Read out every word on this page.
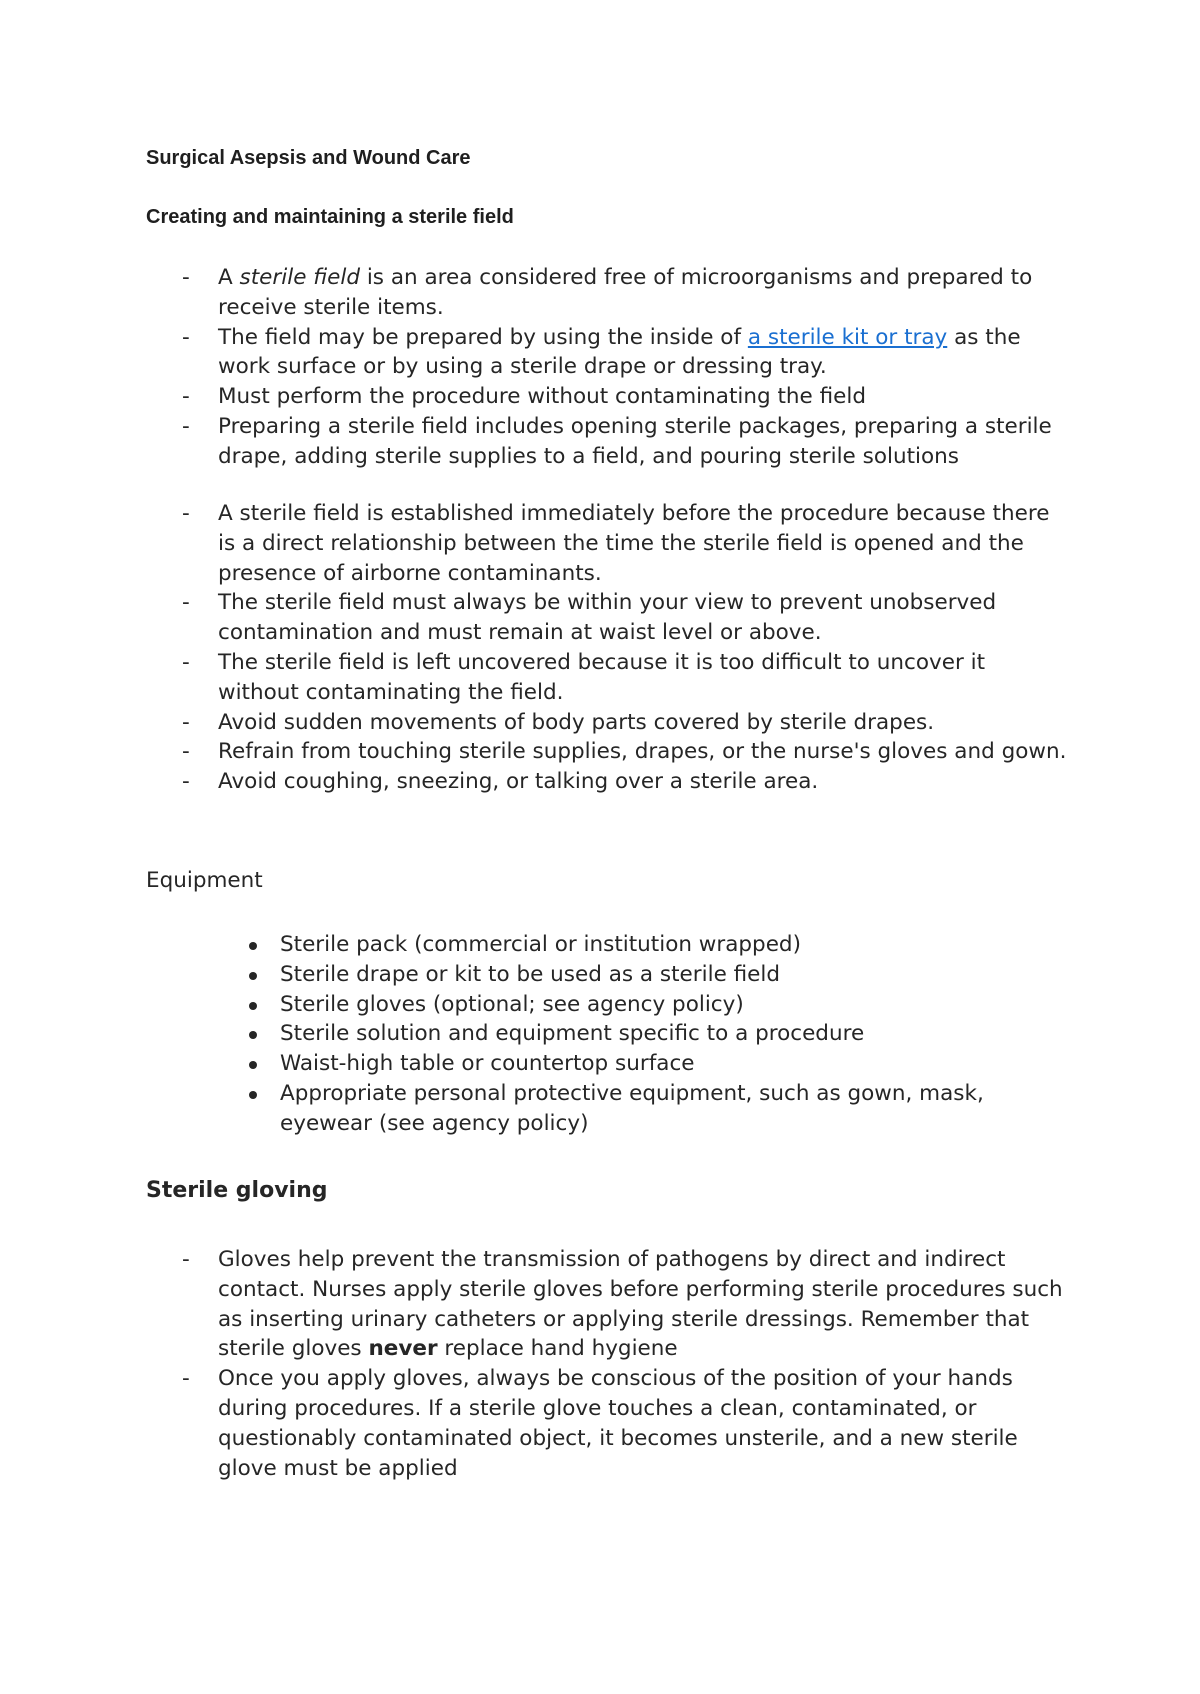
Surgical Asepsis and Wound Care
Creating and maintaining a sterile field
- A sterile field is an area considered free of microorganisms and prepared to receive sterile items.
- The field may be prepared by using the inside of a sterile kit or tray as the work surface or by using a sterile drape or dressing tray.
- Must perform the procedure without contaminating the field
- Preparing a sterile field includes opening sterile packages, preparing a sterile drape, adding sterile supplies to a field, and pouring sterile solutions
- A sterile field is established immediately before the procedure because there is a direct relationship between the time the sterile field is opened and the presence of airborne contaminants.
- The sterile field must always be within your view to prevent unobserved contamination and must remain at waist level or above.
- The sterile field is left uncovered because it is too difficult to uncover it without contaminating the field.
- Avoid sudden movements of body parts covered by sterile drapes.
- Refrain from touching sterile supplies, drapes, or the nurse's gloves and gown.
- Avoid coughing, sneezing, or talking over a sterile area.
Equipment
Sterile pack (commercial or institution wrapped)
Sterile drape or kit to be used as a sterile field
Sterile gloves (optional; see agency policy)
Sterile solution and equipment specific to a procedure
Waist-high table or countertop surface
Appropriate personal protective equipment, such as gown, mask, eyewear (see agency policy)
Sterile gloving
- Gloves help prevent the transmission of pathogens by direct and indirect contact. Nurses apply sterile gloves before performing sterile procedures such as inserting urinary catheters or applying sterile dressings. Remember that sterile gloves never replace hand hygiene
- Once you apply gloves, always be conscious of the position of your hands during procedures. If a sterile glove touches a clean, contaminated, or questionably contaminated object, it becomes unsterile, and a new sterile glove must be applied
